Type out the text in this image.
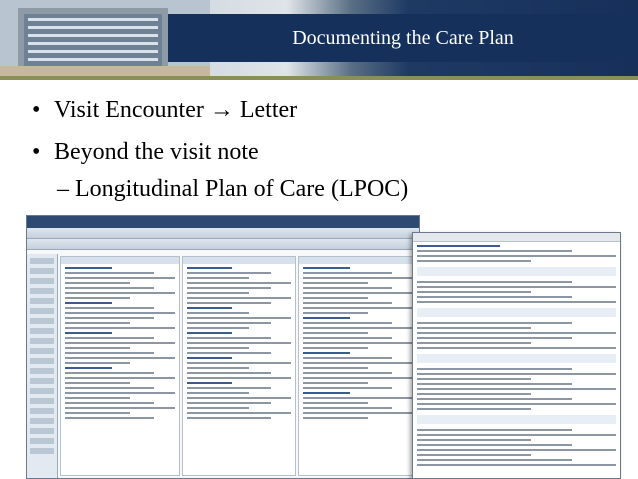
Documenting the Care Plan
• Visit Encounter → Letter
• Beyond the visit note
– Longitudinal Plan of Care (LPOC)
